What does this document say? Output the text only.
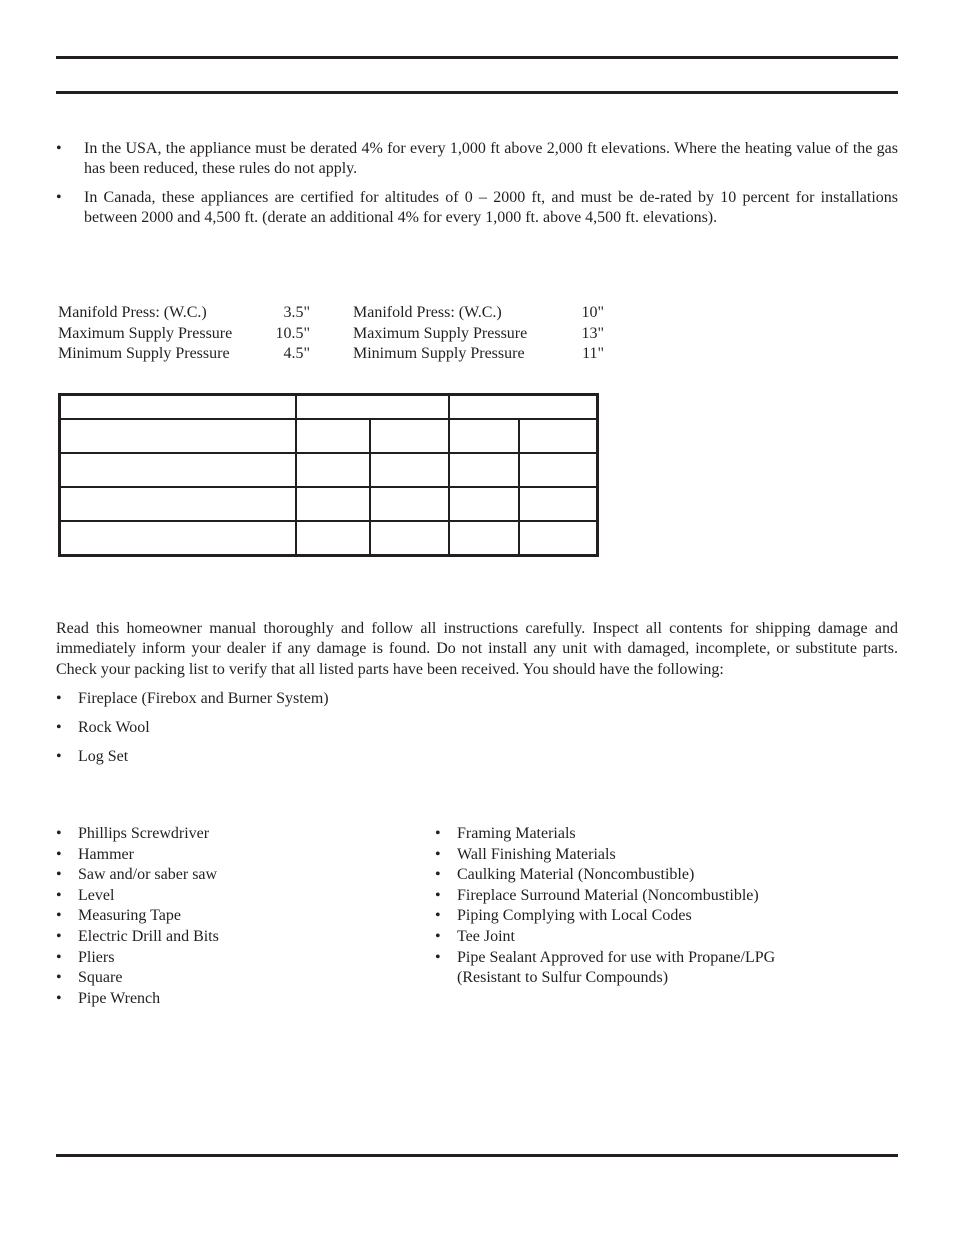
• In the USA, the appliance must be derated 4% for every 1,000 ft above 2,000 ft elevations. Where the heating value of the gas has been reduced, these rules do not apply.
• In Canada, these appliances are certified for altitudes of 0 – 2000 ft, and must be de-rated by 10 percent for installations between 2000 and 4,500 ft. (derate an additional 4% for every 1,000 ft. above 4,500 ft. elevations).
Manifold Press: (W.C.)	3.5"
Maximum Supply Pressure	10.5"
Minimum Supply Pressure	4.5"
Manifold Press: (W.C.)	10"
Maximum Supply Pressure	13"
Minimum Supply Pressure	11"
Read this homeowner manual thoroughly and follow all instructions carefully. Inspect all contents for shipping damage and immediately inform your dealer if any damage is found. Do not install any unit with damaged, incomplete, or substitute parts. Check your packing list to verify that all listed parts have been received. You should have the following:
• Fireplace (Firebox and Burner System)
• Rock Wool
• Log Set
• Phillips Screwdriver
• Hammer
• Saw and/or saber saw
• Level
• Measuring Tape
• Electric Drill and Bits
• Pliers
• Square
• Pipe Wrench
• Framing Materials
• Wall Finishing Materials
• Caulking Material (Noncombustible)
• Fireplace Surround Material (Noncombustible)
• Piping Complying with Local Codes
• Tee Joint
• Pipe Sealant Approved for use with Propane/LPG
(Resistant to Sulfur Compounds)
